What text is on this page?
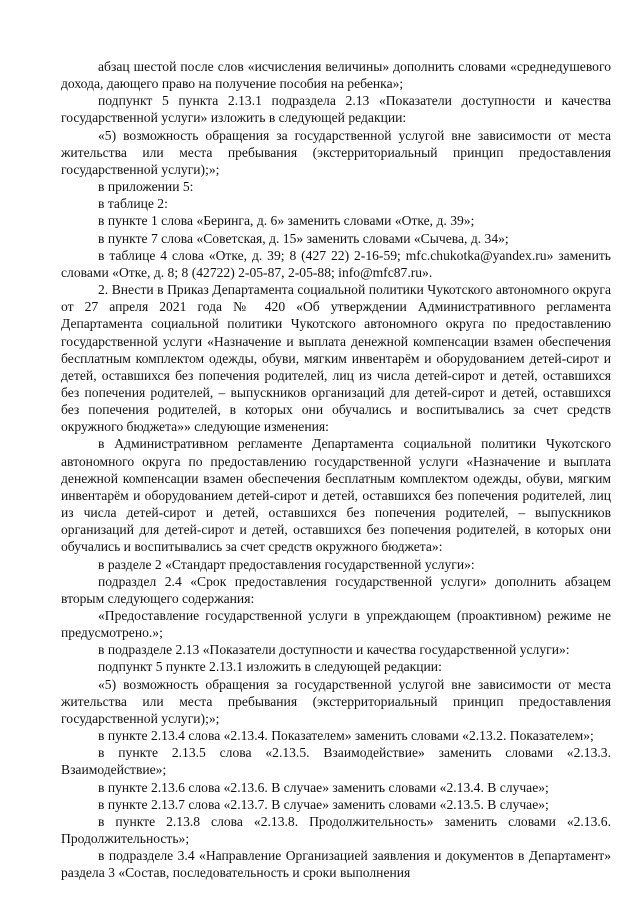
абзац шестой после слов «исчисления величины» дополнить словами «среднедушевого дохода, дающего право на получение пособия на ребенка»;

подпункт 5 пункта 2.13.1 подраздела 2.13 «Показатели доступности и качества государственной услуги» изложить в следующей редакции:

«5) возможность обращения за государственной услугой вне зависимости от места жительства или места пребывания (экстерриториальный принцип предоставления государственной услуги);»;

в приложении 5:

в таблице 2:

в пункте 1 слова «Беринга, д. 6» заменить словами «Отке, д. 39»;

в пункте 7 слова «Советская, д. 15» заменить словами «Сычева, д. 34»;

в таблице 4 слова «Отке, д. 39; 8 (427 22) 2-16-59; mfc.chukotka@yandex.ru» заменить словами «Отке, д. 8; 8 (42722) 2-05-87, 2-05-88; info@mfc87.ru».

2. Внести в Приказ Департамента социальной политики Чукотского автономного округа от 27 апреля 2021 года № 420 «Об утверждении Административного регламента Департамента социальной политики Чукотского автономного округа по предоставлению государственной услуги «Назначение и выплата денежной компенсации взамен обеспечения бесплатным комплектом одежды, обуви, мягким инвентарём и оборудованием детей-сирот и детей, оставшихся без попечения родителей, лиц из числа детей-сирот и детей, оставшихся без попечения родителей, – выпускников организаций для детей-сирот и детей, оставшихся без попечения родителей, в которых они обучались и воспитывались за счет средств окружного бюджета»» следующие изменения:

в Административном регламенте Департамента социальной политики Чукотского автономного округа по предоставлению государственной услуги «Назначение и выплата денежной компенсации взамен обеспечения бесплатным комплектом одежды, обуви, мягким инвентарём и оборудованием детей-сирот и детей, оставшихся без попечения родителей, лиц из числа детей-сирот и детей, оставшихся без попечения родителей, – выпускников организаций для детей-сирот и детей, оставшихся без попечения родителей, в которых они обучались и воспитывались за счет средств окружного бюджета»:

в разделе 2 «Стандарт предоставления государственной услуги»:

подраздел 2.4 «Срок предоставления государственной услуги» дополнить абзацем вторым следующего содержания:

«Предоставление государственной услуги в упреждающем (проактивном) режиме не предусмотрено.»;

в подразделе 2.13 «Показатели доступности и качества государственной услуги»:

подпункт 5 пункте 2.13.1 изложить в следующей редакции:

«5) возможность обращения за государственной услугой вне зависимости от места жительства или места пребывания (экстерриториальный принцип предоставления государственной услуги);»;

в пункте 2.13.4 слова «2.13.4. Показателем» заменить словами «2.13.2. Показателем»;

в пункте 2.13.5 слова «2.13.5. Взаимодействие» заменить словами «2.13.3. Взаимодействие»;

в пункте 2.13.6 слова «2.13.6. В случае» заменить словами «2.13.4. В случае»;

в пункте 2.13.7 слова «2.13.7. В случае» заменить словами «2.13.5. В случае»;

в пункте 2.13.8 слова «2.13.8. Продолжительность» заменить словами «2.13.6. Продолжительность»;

в подразделе 3.4 «Направление Организацией заявления и документов в Департамент» раздела 3 «Состав, последовательность и сроки выполнения
